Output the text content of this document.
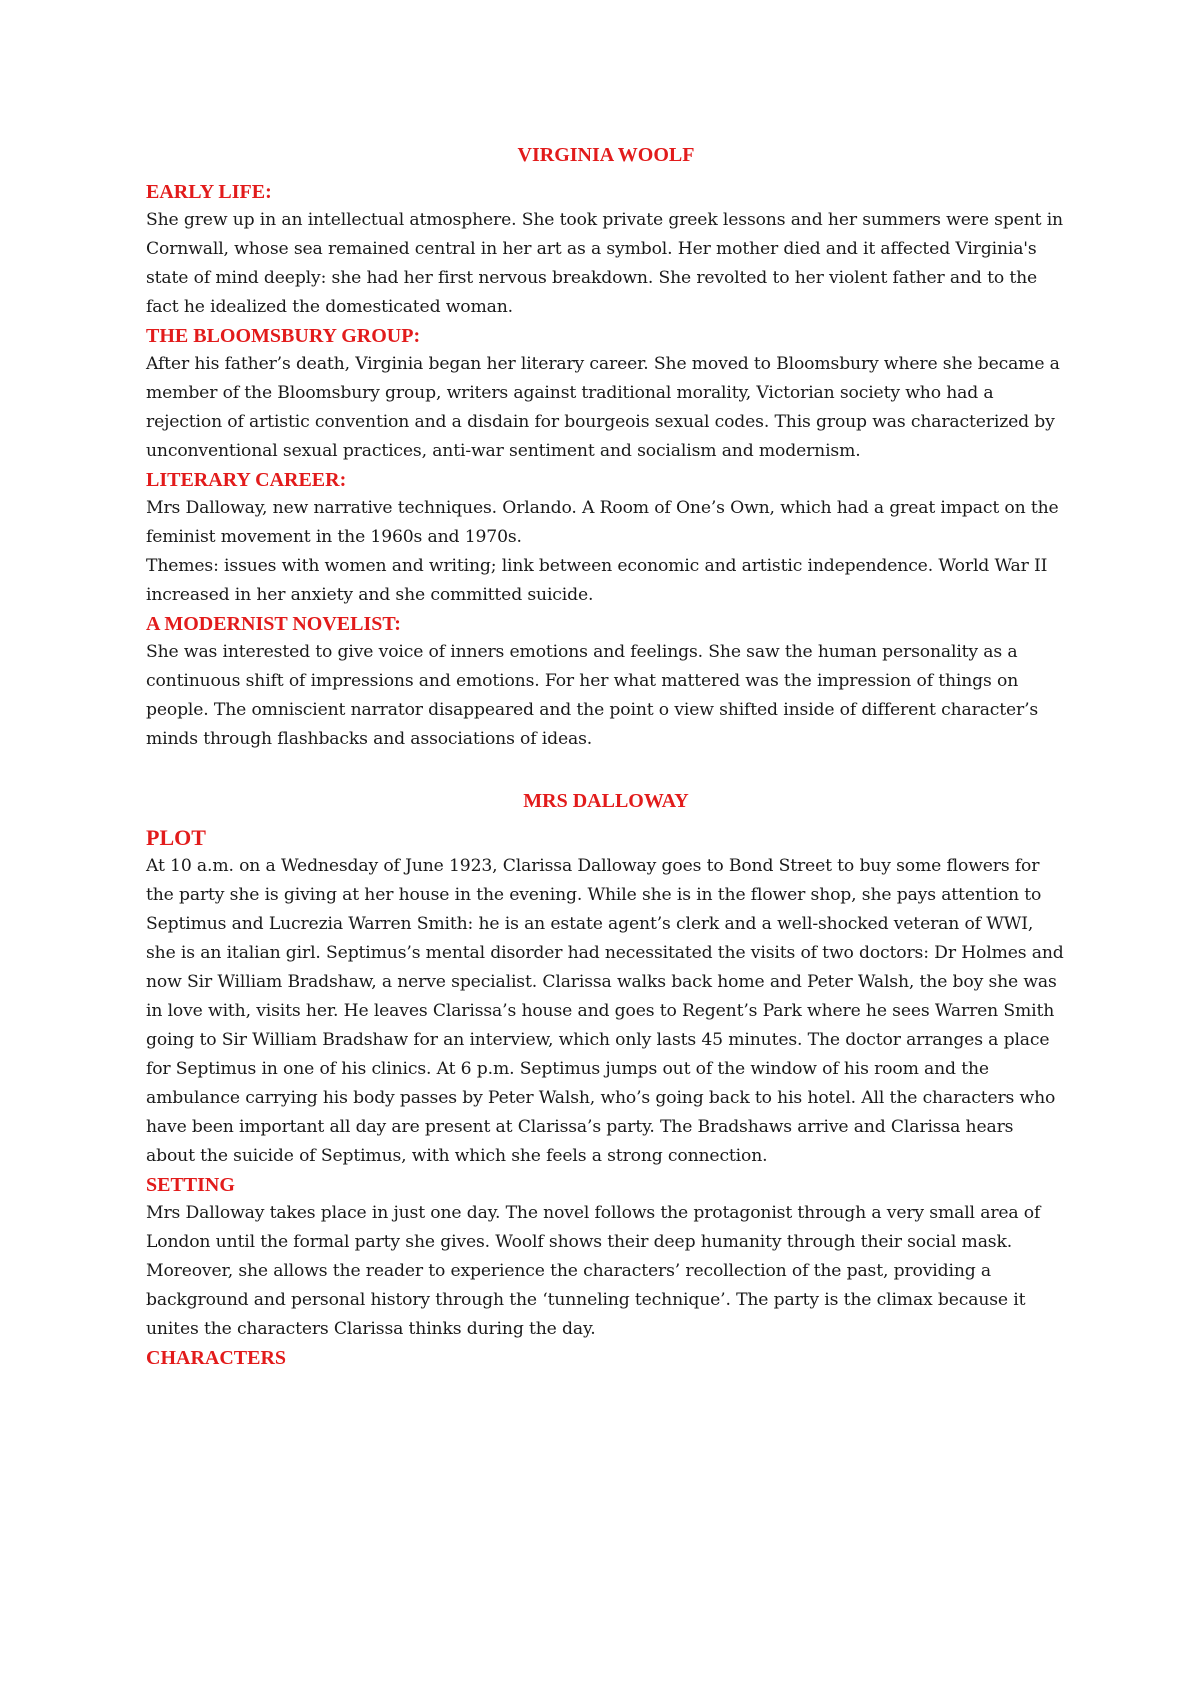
VIRGINIA WOOLF
EARLY LIFE:

She grew up in an intellectual atmosphere. She took private greek lessons and her summers were spent in Cornwall, whose sea remained central in her art as a symbol. Her mother died and it affected Virginia's state of mind deeply: she had her first nervous breakdown. She revolted to her violent father and to the fact he idealized the domesticated woman.

THE BLOOMSBURY GROUP:

After his father’s death, Virginia began her literary career. She moved to Bloomsbury where she became a member of the Bloomsbury group, writers against traditional morality, Victorian society who had a rejection of artistic convention and a disdain for bourgeois sexual codes. This group was characterized by unconventional sexual practices, anti-war sentiment and socialism and modernism.

LITERARY CAREER:

Mrs Dalloway, new narrative techniques. Orlando. A Room of One’s Own, which had a great impact on the feminist movement in the 1960s and 1970s.

Themes: issues with women and writing; link between economic and artistic independence. World War II increased in her anxiety and she committed suicide.

A MODERNIST NOVELIST:

She was interested to give voice of inners emotions and feelings. She saw the human personality as a continuous shift of impressions and emotions. For her what mattered was the impression of things on people. The omniscient narrator disappeared and the point o view shifted inside of different character’s minds through flashbacks and associations of ideas.

MRS DALLOWAY
PLOT

At 10 a.m. on a Wednesday of June 1923, Clarissa Dalloway goes to Bond Street to buy some flowers for the party she is giving at her house in the evening. While she is in the flower shop, she pays attention to Septimus and Lucrezia Warren Smith: he is an estate agent’s clerk and a well-shocked veteran of WWI, she is an italian girl. Septimus’s mental disorder had necessitated the visits of two doctors: Dr Holmes and now Sir William Bradshaw, a nerve specialist. Clarissa walks back home and Peter Walsh, the boy she was in love with, visits her. He leaves Clarissa’s house and goes to Regent’s Park where he sees Warren Smith going to Sir William Bradshaw for an interview, which only lasts 45 minutes. The doctor arranges a place for Septimus in one of his clinics. At 6 p.m. Septimus jumps out of the window of his room and the ambulance carrying his body passes by Peter Walsh, who’s going back to his hotel. All the characters who have been important all day are present at Clarissa’s party. The Bradshaws arrive and Clarissa hears about the suicide of Septimus, with which she feels a strong connection.

SETTING

Mrs Dalloway takes place in just one day. The novel follows the protagonist through a very small area of London until the formal party she gives. Woolf shows their deep humanity through their social mask.

Moreover, she allows the reader to experience the characters’ recollection of the past, providing a background and personal history through the ‘tunneling technique’. The party is the climax because it unites the characters Clarissa thinks during the day.

CHARACTERS
